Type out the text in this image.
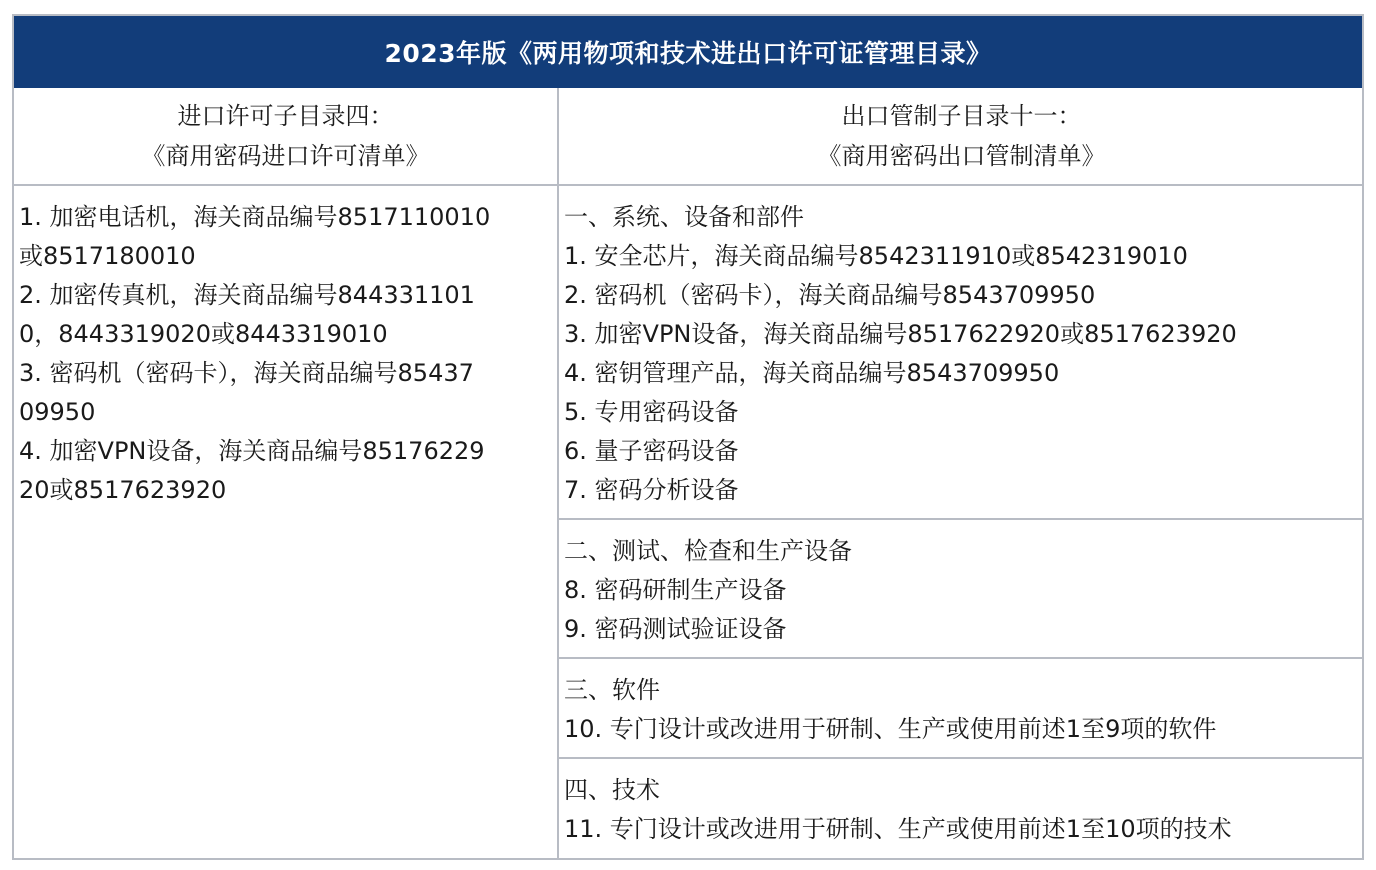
2023年版《两用物项和技术进出口许可证管理目录》
进口许可子目录四：
《商用密码进口许可清单》
出口管制子目录十一：
《商用密码出口管制清单》
1. 加密电话机，海关商品编号8517110010
或8517180010
2. 加密传真机，海关商品编号844331101
0，8443319020或8443319010
3. 密码机（密码卡），海关商品编号85437
09950
4. 加密VPN设备，海关商品编号85176229
20或8517623920
一、系统、设备和部件
1. 安全芯片，海关商品编号8542311910或8542319010
2. 密码机（密码卡），海关商品编号8543709950
3. 加密VPN设备，海关商品编号8517622920或8517623920
4. 密钥管理产品，海关商品编号8543709950
5. 专用密码设备
6. 量子密码设备
7. 密码分析设备
二、测试、检查和生产设备
8. 密码研制生产设备
9. 密码测试验证设备
三、软件
10. 专门设计或改进用于研制、生产或使用前述1至9项的软件
四、技术
11. 专门设计或改进用于研制、生产或使用前述1至10项的技术
